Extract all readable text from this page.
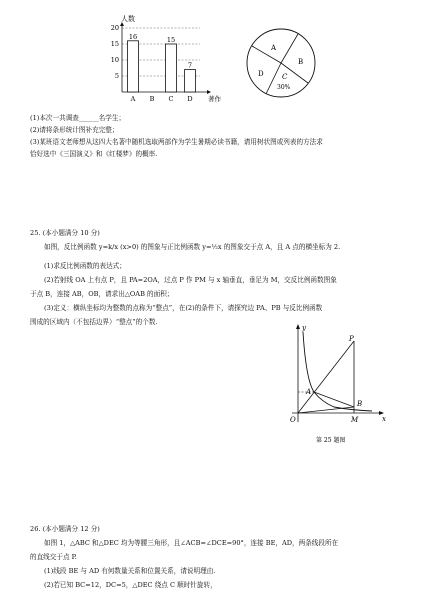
人数
5
10
15
20
16	15
7
A B C D 著作
A
B
C
30%
D
(1)本次一共调查______名学生；
(2)请将条形统计图补充完整；
(3)某班语文老师想从这四大名著中随机选取两部作为学生暑期必读书籍，请用树状图或列表的方法求
恰好选中《三国演义》和《红楼梦》的概率.
25. (本小题满分 10 分)
如图，反比例函数 y=k/x (x>0) 的图象与正比例函数 y=½x 的图象交于点 A，且 A 点的横坐标为 2.
(1)求反比例函数的表达式；
(2)若射线 OA 上有点 P，且 PA=2OA，过点 P 作 PM 与 x 轴垂直，垂足为 M，交反比例函数图象
于点 B，连接 AB，OB，请求出△OAB 的面积；
(3)定义：横纵坐标均为整数的点称为“整点”，在(2)的条件下，请探究边 PA、PB 与反比例函数
围成的区域内（不包括边界）“整点”的个数.
y
x
O
A
B
P
M
第 25 题图
26. (本小题满分 12 分)
如图 1，△ABC 和△DEC 均为等腰三角形，且∠ACB=∠DCE=90°，连接 BE，AD，两条线段所在
的直线交于点 P.
(1)线段 BE 与 AD 有何数量关系和位置关系，请说明理由.
(2)若已知 BC=12，DC=5，△DEC 绕点 C 顺时针旋转，
